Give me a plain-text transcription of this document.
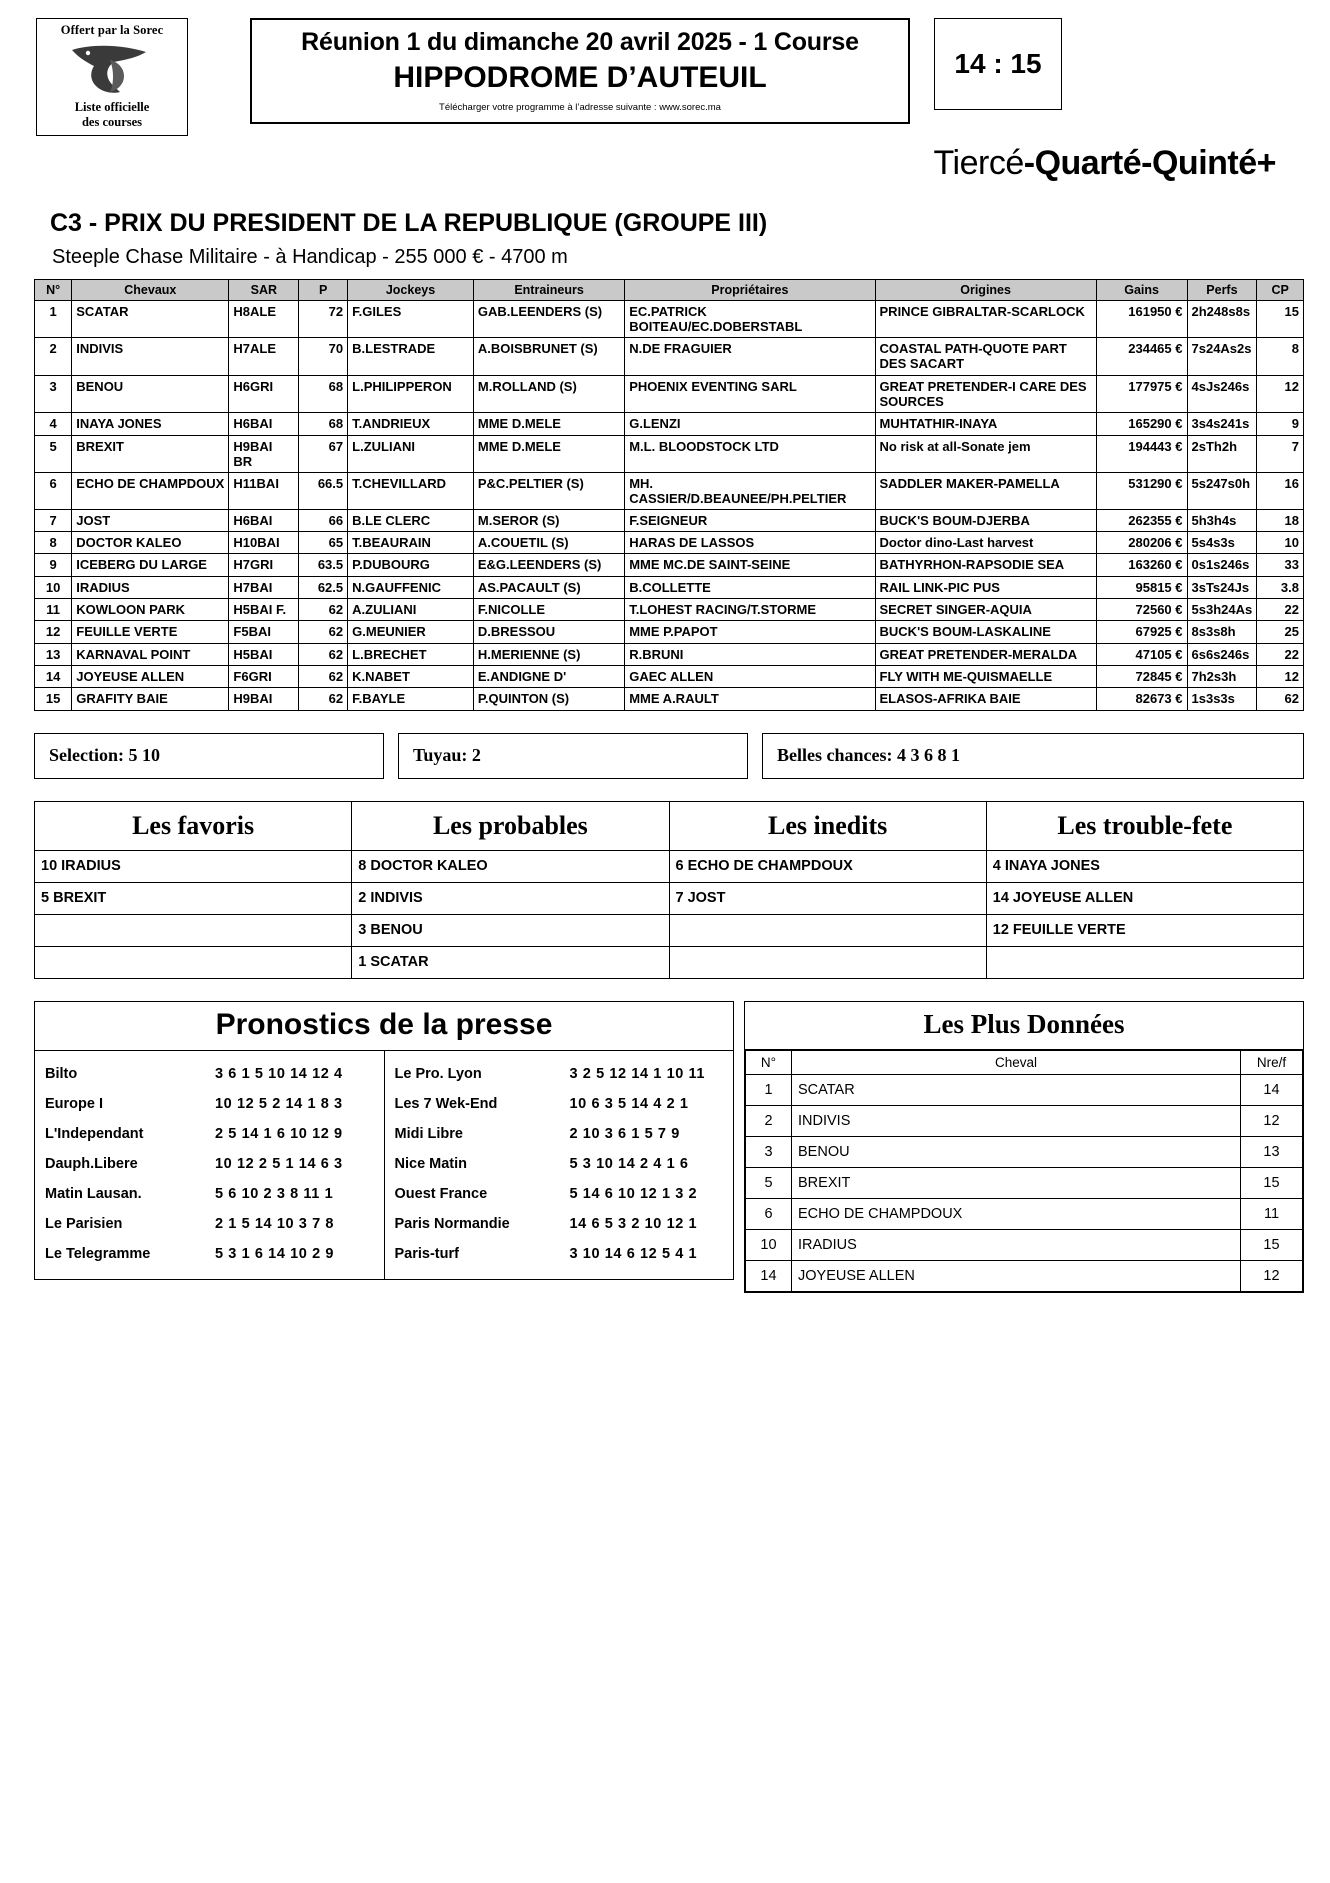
Offert par la Sorec
Liste officielle
des courses
Réunion 1 du dimanche 20 avril 2025 - 1 Course
HIPPODROME D’AUTEUIL
Télécharger votre programme à l’adresse suivante : www.sorec.ma
14 : 15
Tiercé-Quarté-Quinté+
C3 - PRIX DU PRESIDENT DE LA REPUBLIQUE (GROUPE III)
Steeple Chase Militaire - à Handicap - 255 000 € - 4700 m
N°	Chevaux	SAR	P	Jockeys	Entraineurs	Propriétaires	Origines	Gains	Perfs	CP
1	SCATAR	H8ALE	72	F.GILES	GAB.LEENDERS (S)	EC.PATRICK BOITEAU/EC.DOBERSTABL	PRINCE GIBRALTAR-SCARLOCK	161950 €	2h248s8s	15
2	INDIVIS	H7ALE	70	B.LESTRADE	A.BOISBRUNET (S)	N.DE FRAGUIER	COASTAL PATH-QUOTE PART DES SACART	234465 €	7s24As2s	8
3	BENOU	H6GRI	68	L.PHILIPPERON	M.ROLLAND (S)	PHOENIX EVENTING SARL	GREAT PRETENDER-I CARE DES SOURCES	177975 €	4sJs246s	12
4	INAYA JONES	H6BAI	68	T.ANDRIEUX	MME D.MELE	G.LENZI	MUHTATHIR-INAYA	165290 €	3s4s241s	9
5	BREXIT	H9BAI BR	67	L.ZULIANI	MME D.MELE	M.L. BLOODSTOCK LTD	No risk at all-Sonate jem	194443 €	2sTh2h	7
6	ECHO DE CHAMPDOUX	H11BAI	66.5	T.CHEVILLARD	P&C.PELTIER (S)	MH. CASSIER/D.BEAUNEE/PH.PELTIER	SADDLER MAKER-PAMELLA	531290 €	5s247s0h	16
7	JOST	H6BAI	66	B.LE CLERC	M.SEROR (S)	F.SEIGNEUR	BUCK'S BOUM-DJERBA	262355 €	5h3h4s	18
8	DOCTOR KALEO	H10BAI	65	T.BEAURAIN	A.COUETIL (S)	HARAS DE LASSOS	Doctor dino-Last harvest	280206 €	5s4s3s	10
9	ICEBERG DU LARGE	H7GRI	63.5	P.DUBOURG	E&G.LEENDERS (S)	MME MC.DE SAINT-SEINE	BATHYRHON-RAPSODIE SEA	163260 €	0s1s246s	33
10	IRADIUS	H7BAI	62.5	N.GAUFFENIC	AS.PACAULT (S)	B.COLLETTE	RAIL LINK-PIC PUS	95815 €	3sTs24Js	3.8
11	KOWLOON PARK	H5BAI F.	62	A.ZULIANI	F.NICOLLE	T.LOHEST RACING/T.STORME	SECRET SINGER-AQUIA	72560 €	5s3h24As	22
12	FEUILLE VERTE	F5BAI	62	G.MEUNIER	D.BRESSOU	MME P.PAPOT	BUCK'S BOUM-LASKALINE	67925 €	8s3s8h	25
13	KARNAVAL POINT	H5BAI	62	L.BRECHET	H.MERIENNE (S)	R.BRUNI	GREAT PRETENDER-MERALDA	47105 €	6s6s246s	22
14	JOYEUSE ALLEN	F6GRI	62	K.NABET	E.ANDIGNE D'	GAEC ALLEN	FLY WITH ME-QUISMAELLE	72845 €	7h2s3h	12
15	GRAFITY BAIE	H9BAI	62	F.BAYLE	P.QUINTON (S)	MME A.RAULT	ELASOS-AFRIKA BAIE	82673 €	1s3s3s	62
Selection: 5 10	Tuyau: 2	Belles chances: 4 3 6 8 1
Les favoris	Les probables	Les inedits	Les trouble-fete
10 IRADIUS	8 DOCTOR KALEO	6 ECHO DE CHAMPDOUX	4 INAYA JONES
5 BREXIT	2 INDIVIS	7 JOST	14 JOYEUSE ALLEN
	3 BENOU		12 FEUILLE VERTE
	1 SCATAR		
Pronostics de la presse
Bilto	3 6 1 5 10 14 12 4
Europe I	10 12 5 2 14 1 8 3
L'Independant	2 5 14 1 6 10 12 9
Dauph.Libere	10 12 2 5 1 14 6 3
Matin Lausan.	5 6 10 2 3 8 11 1
Le Parisien	2 1 5 14 10 3 7 8
Le Telegramme	5 3 1 6 14 10 2 9
Le Pro. Lyon	3 2 5 12 14 1 10 11
Les 7 Wek-End	10 6 3 5 14 4 2 1
Midi Libre	2 10 3 6 1 5 7 9
Nice Matin	5 3 10 14 2 4 1 6
Ouest France	5 14 6 10 12 1 3 2
Paris Normandie	14 6 5 3 2 10 12 1
Paris-turf	3 10 14 6 12 5 4 1
Les Plus Données
N°	Cheval	Nre/f
1	SCATAR	14
2	INDIVIS	12
3	BENOU	13
5	BREXIT	15
6	ECHO DE CHAMPDOUX	11
10	IRADIUS	15
14	JOYEUSE ALLEN	12
